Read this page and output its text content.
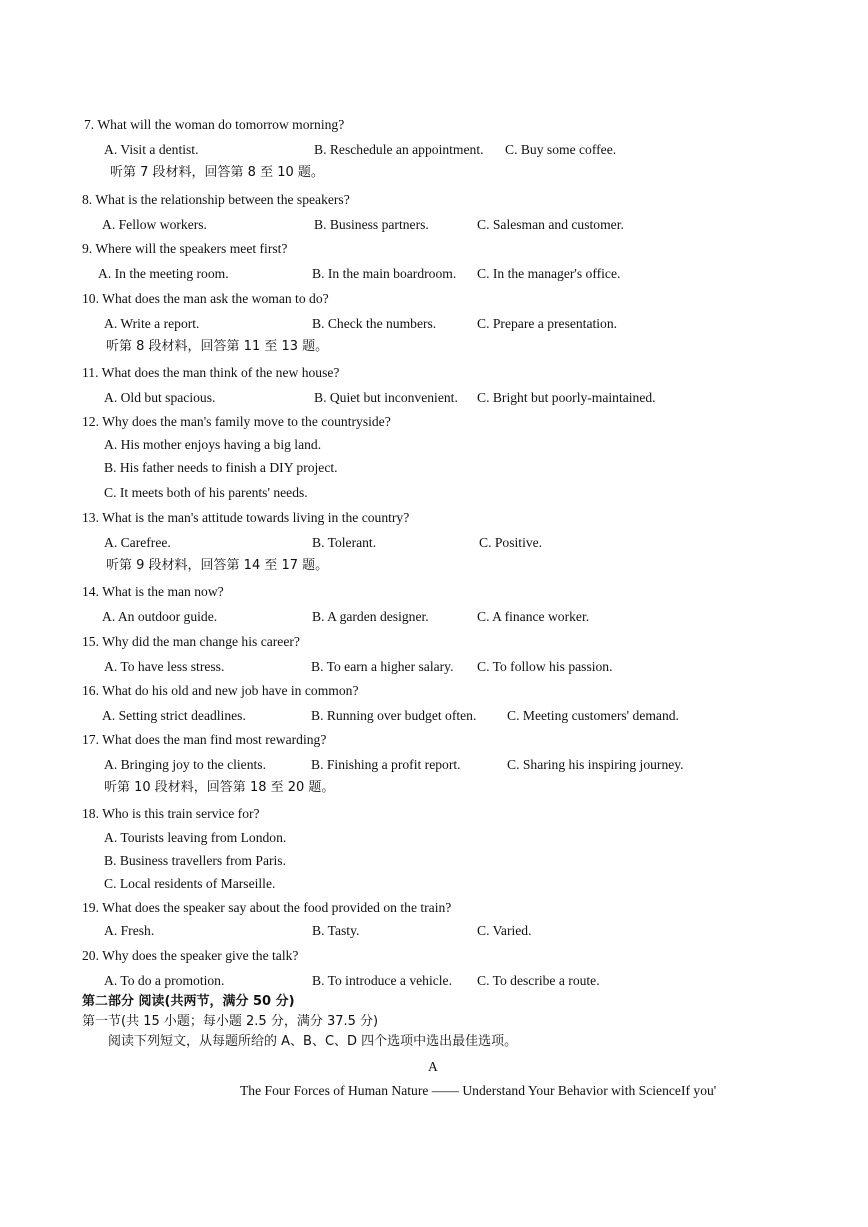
7. What will the woman do tomorrow morning?
A. Visit a dentist.	B. Reschedule an appointment. C. Buy some coffee.
听第 7 段材料，回答第 8 至 10 题。
8. What is the relationship between the speakers?
A. Fellow workers.	B. Business partners.	C. Salesman and customer.
9. Where will the speakers meet first?
A. In the meeting room.	B. In the main boardroom. C. In the manager's office.
10. What does the man ask the woman to do?
A. Write a report.	B. Check the numbers.	C. Prepare a presentation.
听第 8 段材料，回答第 11 至 13 题。
11. What does the man think of the new house?
A. Old but spacious.	B. Quiet but inconvenient. C. Bright but poorly-maintained.
12. Why does the man's family move to the countryside?
A. His mother enjoys having a big land.
B. His father needs to finish a DIY project.
C. It meets both of his parents' needs.
13. What is the man's attitude towards living in the country?
A. Carefree.	B. Tolerant.	C. Positive.
听第 9 段材料，回答第 14 至 17 题。
14. What is the man now?
A. An outdoor guide.	B. A garden designer.	C. A finance worker.
15. Why did the man change his career?
A. To have less stress.	B. To earn a higher salary. C. To follow his passion.
16. What do his old and new job have in common?
A. Setting strict deadlines.	B. Running over budget often. C. Meeting customers' demand.
17. What does the man find most rewarding?
A. Bringing joy to the clients.	B. Finishing a profit report.	C. Sharing his inspiring journey.
听第 10 段材料，回答第 18 至 20 题。
18. Who is this train service for?
A. Tourists leaving from London.
B. Business travellers from Paris.
C. Local residents of Marseille.
19. What does the speaker say about the food provided on the train?
A. Fresh.	B. Tasty.	C. Varied.
20. Why does the speaker give the talk?
A. To do a promotion.	B. To introduce a vehicle. C. To describe a route.
第二部分 阅读(共两节，满分 50 分)
第一节(共 15 小题；每小题 2.5 分，满分 37.5 分)
阅读下列短文，从每题所给的 A、B、C、D 四个选项中选出最佳选项。
A
The Four Forces of Human Nature —— Understand Your Behavior with ScienceIf you'
